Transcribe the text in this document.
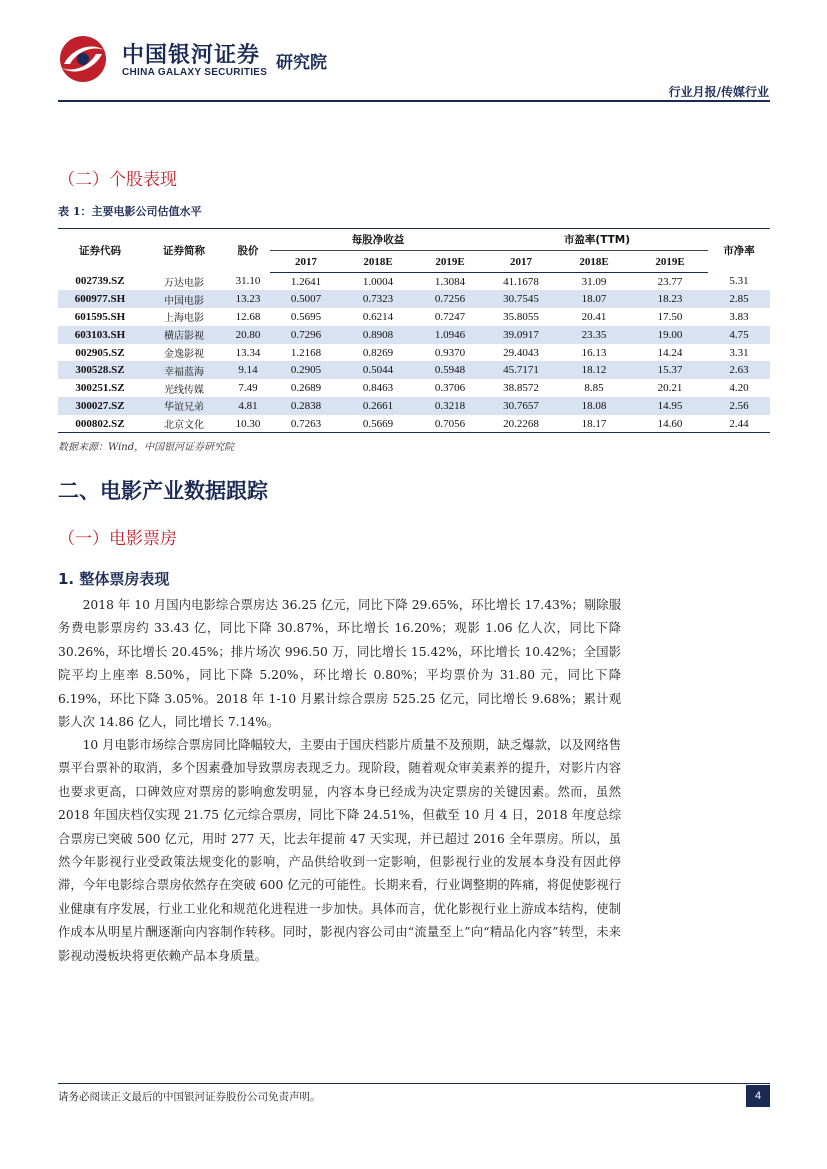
中国银河证券
CHINA GALAXY SECURITIES 研究院
行业月报/传媒行业
（二）个股表现
表 1：主要电影公司估值水平
证券代码	证券简称	股价	每股净收益			市盈率(TTM)			市净率
			2017	2018E	2019E	2017	2018E	2019E	
002739.SZ	万达电影	31.10	1.2641	1.0004	1.3084	41.1678	31.09	23.77	5.31
600977.SH	中国电影	13.23	0.5007	0.7323	0.7256	30.7545	18.07	18.23	2.85
601595.SH	上海电影	12.68	0.5695	0.6214	0.7247	35.8055	20.41	17.50	3.83
603103.SH	横店影视	20.80	0.7296	0.8908	1.0946	39.0917	23.35	19.00	4.75
002905.SZ	金逸影视	13.34	1.2168	0.8269	0.9370	29.4043	16.13	14.24	3.31
300528.SZ	幸福蓝海	9.14	0.2905	0.5044	0.5948	45.7171	18.12	15.37	2.63
300251.SZ	光线传媒	7.49	0.2689	0.8463	0.3706	38.8572	8.85	20.21	4.20
300027.SZ	华谊兄弟	4.81	0.2838	0.2661	0.3218	30.7657	18.08	14.95	2.56
000802.SZ	北京文化	10.30	0.7263	0.5669	0.7056	20.2268	18.17	14.60	2.44
数据来源：Wind，中国银河证券研究院
二、电影产业数据跟踪
（一）电影票房
1. 整体票房表现

2018 年 10 月国内电影综合票房达 36.25 亿元，同比下降 29.65%，环比增长 17.43%；剔除服务费电影票房约 33.43 亿，同比下降 30.87%，环比增长 16.20%；观影 1.06 亿人次，同比下降 30.26%，环比增长 20.45%；排片场次 996.50 万，同比增长 15.42%，环比增长 10.42%；全国影院平均上座率 8.50%，同比下降 5.20%，环比增长 0.80%；平均票价为 31.80 元，同比下降 6.19%，环比下降 3.05%。2018 年 1-10 月累计综合票房 525.25 亿元，同比增长 9.68%；累计观影人次 14.86 亿人，同比增长 7.14%。

10 月电影市场综合票房同比降幅较大，主要由于国庆档影片质量不及预期，缺乏爆款，以及网络售票平台票补的取消，多个因素叠加导致票房表现乏力。现阶段，随着观众审美素养的提升，对影片内容也要求更高，口碑效应对票房的影响愈发明显，内容本身已经成为决定票房的关键因素。然而，虽然 2018 年国庆档仅实现 21.75 亿元综合票房，同比下降 24.51%，但截至 10 月 4 日，2018 年度总综合票房已突破 500 亿元，用时 277 天，比去年提前 47 天实现，并已超过 2016 全年票房。所以，虽然今年影视行业受政策法规变化的影响，产品供给收到一定影响，但影视行业的发展本身没有因此停滞，今年电影综合票房依然存在突破 600 亿元的可能性。长期来看，行业调整期的阵痛，将促使影视行业健康有序发展，行业工业化和规范化进程进一步加快。具体而言，优化影视行业上游成本结构，使制作成本从明星片酬逐渐向内容制作转移。同时，影视内容公司由“流量至上”向“精品化内容”转型，未来影视动漫板块将更依赖产品本身质量。

请务必阅读正文最后的中国银河证券股份公司免责声明。	4
